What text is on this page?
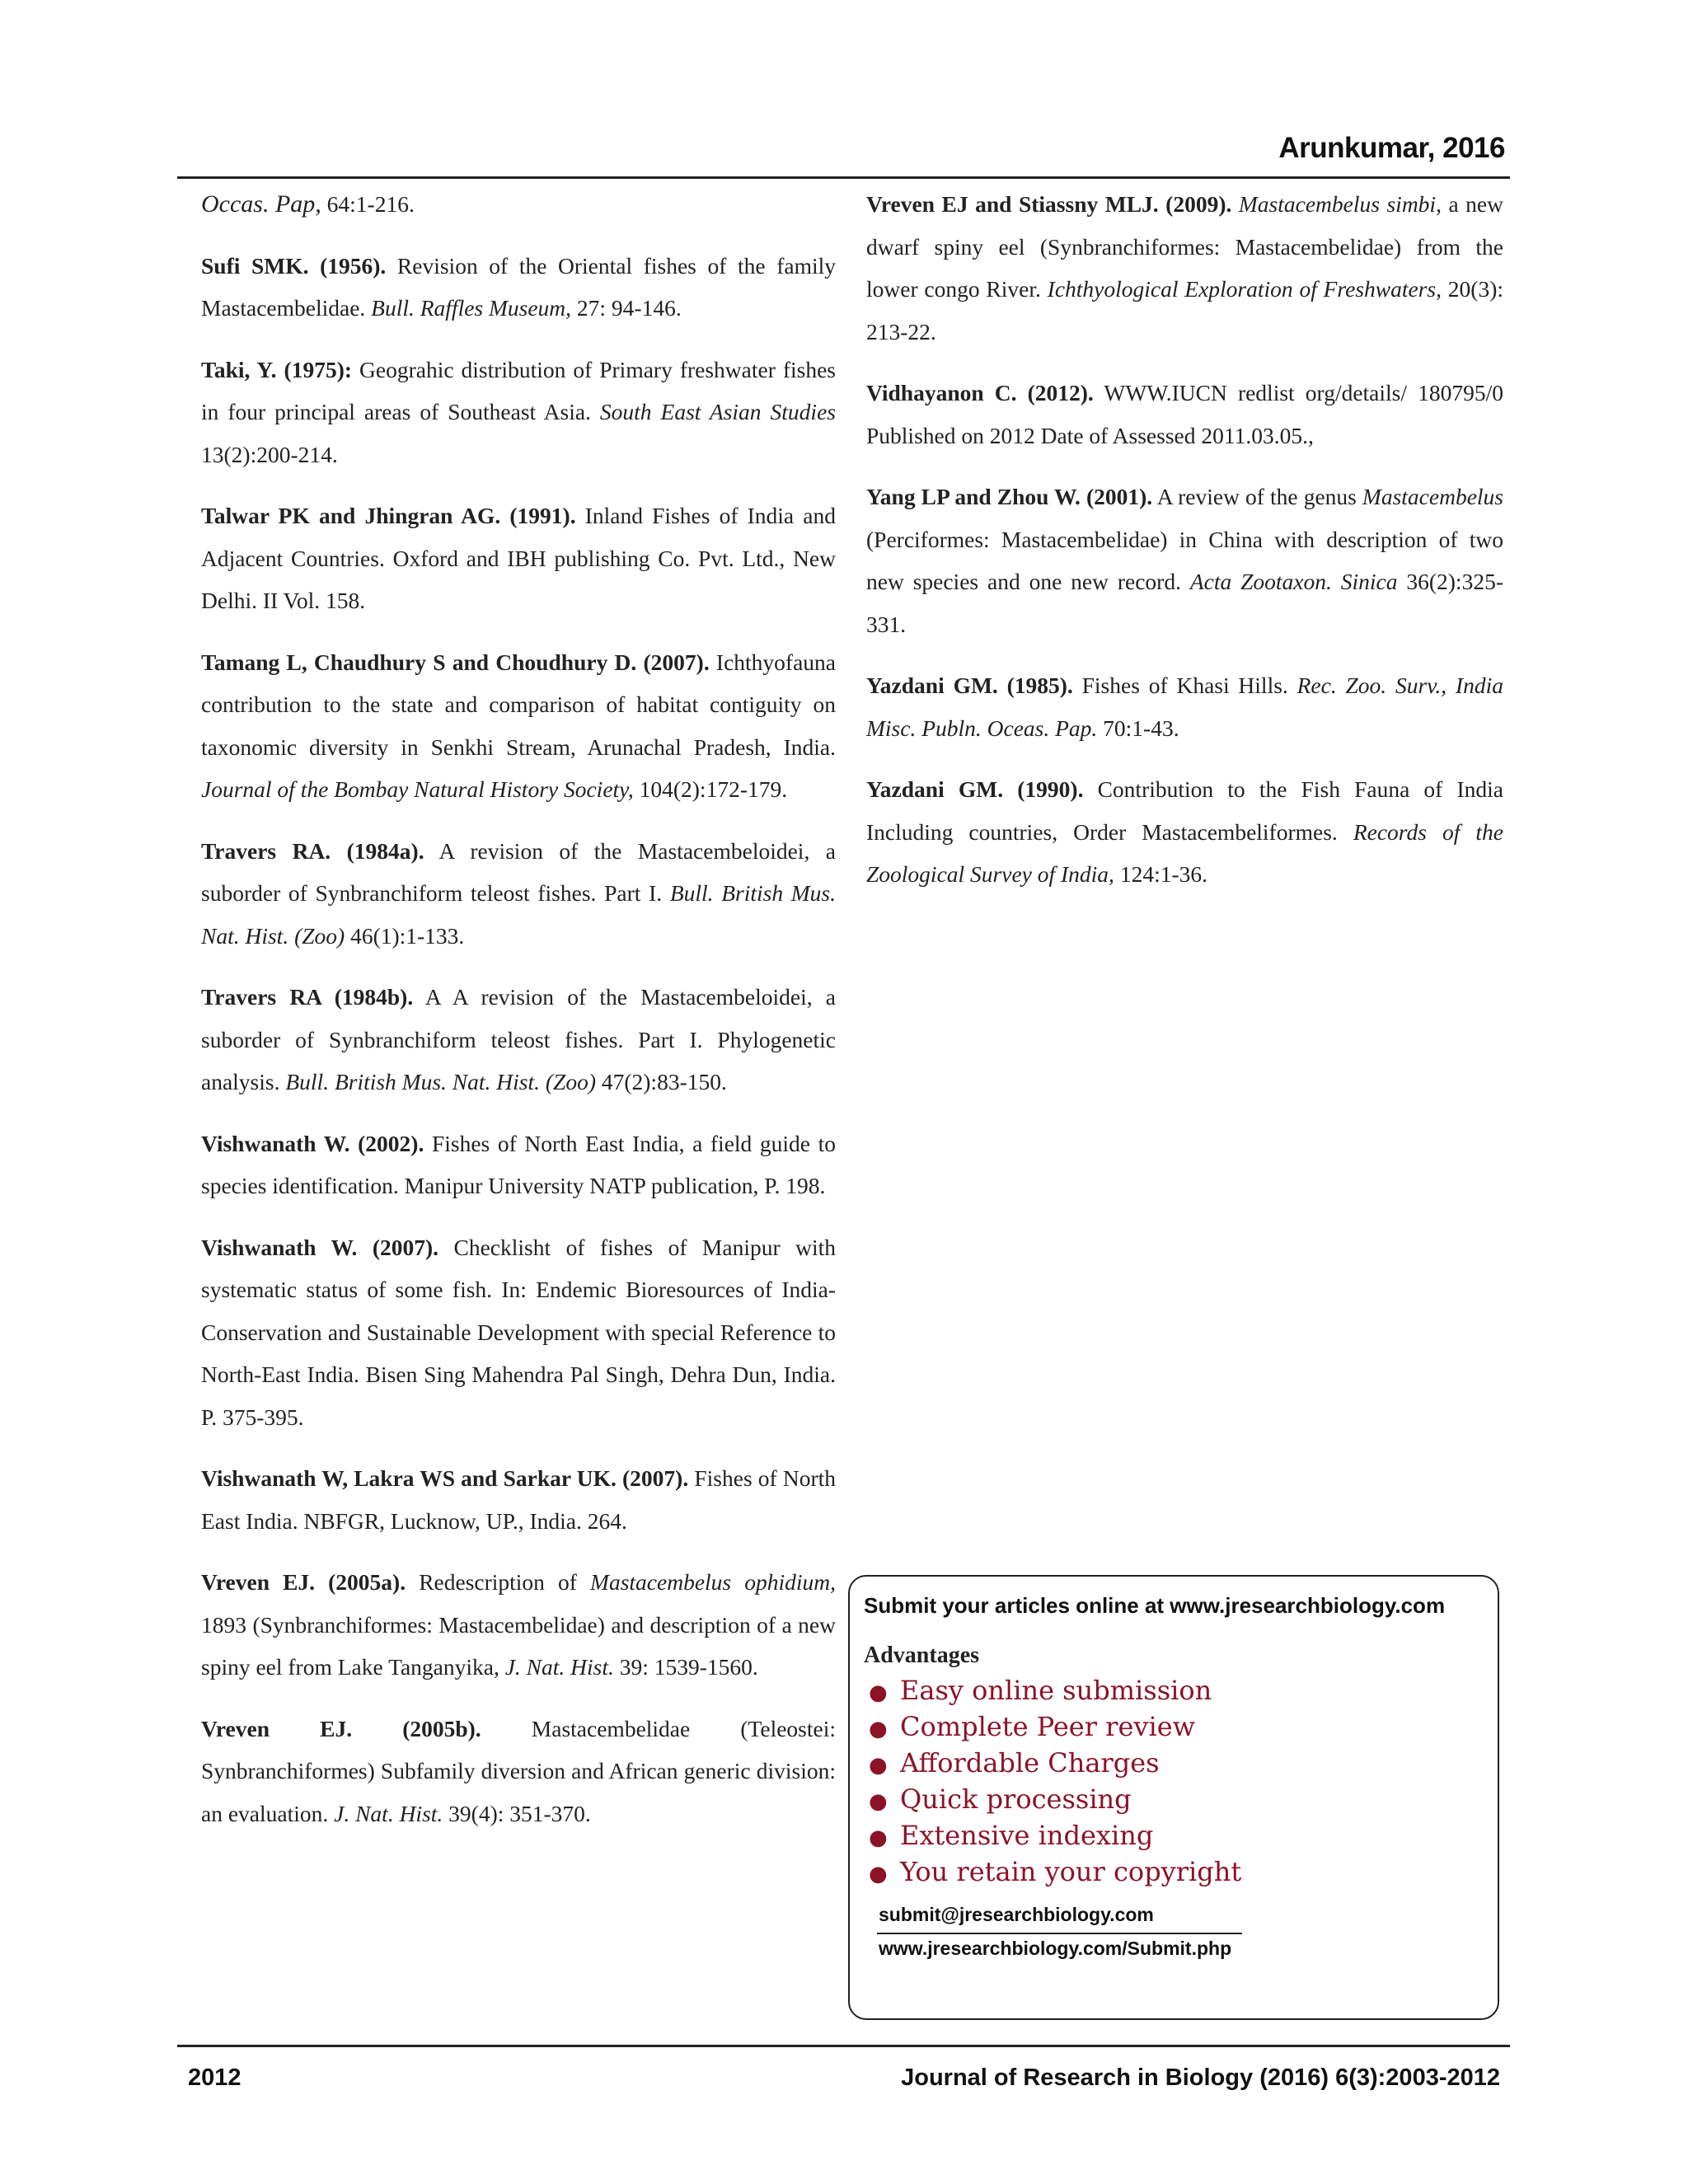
Arunkumar, 2016

Occas. Pap, 64:1-216.

Sufi SMK. (1956). Revision of the Oriental fishes of the family Mastacembelidae. Bull. Raffles Museum, 27: 94-146.

Taki, Y. (1975): Geograhic distribution of Primary freshwater fishes in four principal areas of Southeast Asia. South East Asian Studies 13(2):200-214.

Talwar PK and Jhingran AG. (1991). Inland Fishes of India and Adjacent Countries. Oxford and IBH publishing Co. Pvt. Ltd., New Delhi. II Vol. 158.

Tamang L, Chaudhury S and Choudhury D. (2007). Ichthyofauna contribution to the state and comparison of habitat contiguity on taxonomic diversity in Senkhi Stream, Arunachal Pradesh, India. Journal of the Bombay Natural History Society, 104(2):172-179.

Travers RA. (1984a). A revision of the Mastacembeloidei, a suborder of Synbranchiform teleost fishes. Part I. Bull. British Mus. Nat. Hist. (Zoo) 46(1):1-133.

Travers RA (1984b). A A revision of the Mastacembeloidei, a suborder of Synbranchiform teleost fishes. Part I. Phylogenetic analysis. Bull. British Mus. Nat. Hist. (Zoo) 47(2):83-150.

Vishwanath W. (2002). Fishes of North East India, a field guide to species identification. Manipur University NATP publication, P. 198.

Vishwanath W. (2007). Checklisht of fishes of Manipur with systematic status of some fish. In: Endemic Bioresources of India-Conservation and Sustainable Development with special Reference to North-East India. Bisen Sing Mahendra Pal Singh, Dehra Dun, India. P. 375-395.

Vishwanath W, Lakra WS and Sarkar UK. (2007). Fishes of North East India. NBFGR, Lucknow, UP., India. 264.

Vreven EJ. (2005a). Redescription of Mastacembelus ophidium, 1893 (Synbranchiformes: Mastacembelidae) and description of a new spiny eel from Lake Tanganyika, J. Nat. Hist. 39: 1539-1560.

Vreven EJ. (2005b). Mastacembelidae (Teleostei: Synbranchiformes) Subfamily diversion and African generic division: an evaluation. J. Nat. Hist. 39(4): 351-370.

Vreven EJ and Stiassny MLJ. (2009). Mastacembelus simbi, a new dwarf spiny eel (Synbranchiformes: Mastacembelidae) from the lower congo River. Ichthyological Exploration of Freshwaters, 20(3): 213-22.

Vidhayanon C. (2012). WWW.IUCN redlist org/details/ 180795/0 Published on 2012 Date of Assessed 2011.03.05.,

Yang LP and Zhou W. (2001). A review of the genus Mastacembelus (Perciformes: Mastacembelidae) in China with description of two new species and one new record. Acta Zootaxon. Sinica 36(2):325-331.

Yazdani GM. (1985). Fishes of Khasi Hills. Rec. Zoo. Surv., India Misc. Publn. Oceas. Pap. 70:1-43.

Yazdani GM. (1990). Contribution to the Fish Fauna of India Including countries, Order Mastacembeliformes. Records of the Zoological Survey of India, 124:1-36.

Submit your articles online at www.jresearchbiology.com
Advantages
● Easy online submission
● Complete Peer review
● Affordable Charges
● Quick processing
● Extensive indexing
● You retain your copyright
submit@jresearchbiology.com
www.jresearchbiology.com/Submit.php
2012	Journal of Research in Biology (2016) 6(3):2003-2012
